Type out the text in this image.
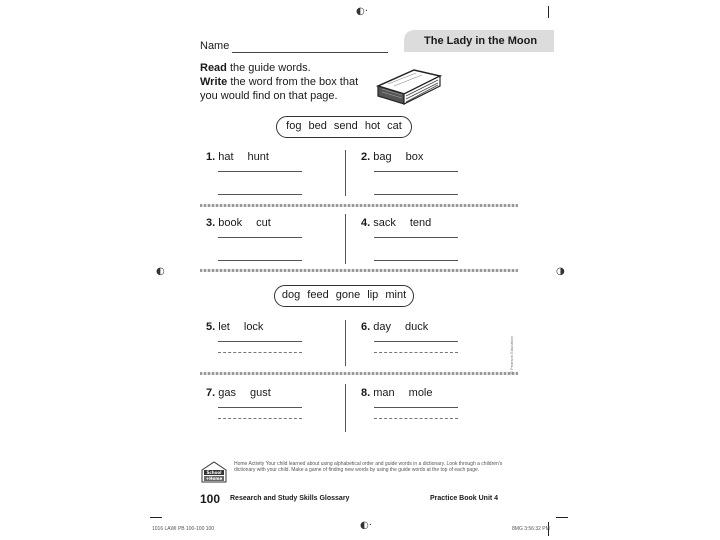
◐·
◐	◑
◐·
The Lady in the Moon
Name
Read the guide words.
Write the word from the box that
you would find on that page.
fog bed send hot cat
1. hat hunt	2. bag box
3. book cut	4. sack tend
dog feed gone lip mint
5. let lock	6. day duck
7. gas gust	8. man mole
© Pearson Education
School
+Home
Home Activity Your child learned about using alphabetical order and guide words in a dictionary. Look through a children's dictionary with your child. Make a game of finding new words by using the guide words at the top of each page.
100 Research and Study Skills Glossary	Practice Book Unit 4
1016 LAWI PB 100-100 100	8MG 3:56:32 PM
